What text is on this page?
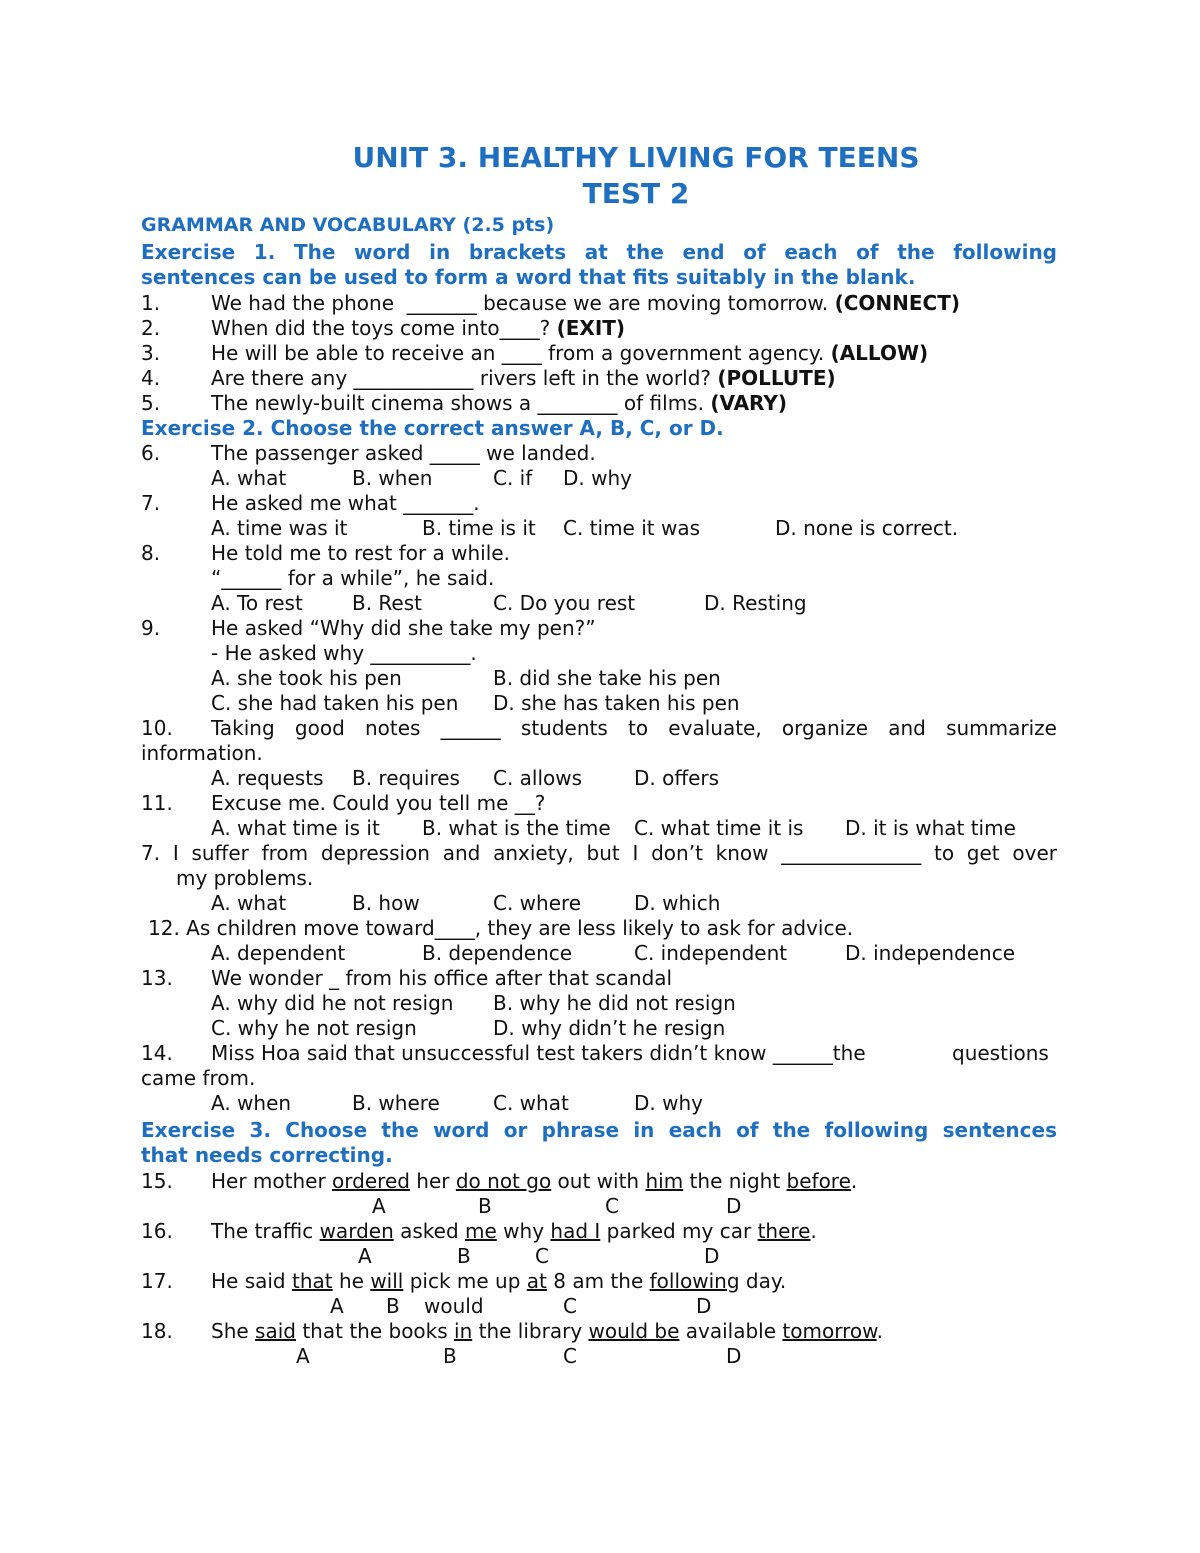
UNIT 3. HEALTHY LIVING FOR TEENS
TEST 2
GRAMMAR AND VOCABULARY (2.5 pts)
Exercise 1. The word in brackets at the end of each of the following
sentences can be used to form a word that fits suitably in the blank.
1.	We had the phone  _______ because we are moving tomorrow. (CONNECT)
2.	When did the toys come into____? (EXIT)
3.	He will be able to receive an ____ from a government agency. (ALLOW)
4.	Are there any ____________ rivers left in the world? (POLLUTE)
5.	The newly-built cinema shows a ________ of films. (VARY)
Exercise 2. Choose the correct answer A, B, C, or D.
6.	The passenger asked _____ we landed.
A. what	B. when	C. if D. why
7.	He asked me what _______.
A. time was it	B. time is it C. time it was	D. none is correct.
8.	He told me to rest for a while.
“______ for a while”, he said.
A. To rest B. Rest	C. Do you rest	D. Resting
9.	He asked “Why did she take my pen?”
- He asked why __________.
A. she took his pen	B. did she take his pen
C. she had taken his pen D. she has taken his pen
10. Taking good notes ______ students to evaluate, organize and summarize
information.
A. requests B. requires C. allows	D. offers
11. Excuse me. Could you tell me __?
A. what time is it B. what is the time C. what time it is D. it is what time
7. I suffer from depression and anxiety, but I don’t know ______________ to get over
my problems.
A. what	B. how	C. where	D. which
12. As children move toward____, they are less likely to ask for advice.
A. dependent	B. dependence	C. independent	D. independence
13. We wonder _ from his office after that scandal
A. why did he not resign B. why he did not resign
C. why he not resign	D. why didn’t he resign
14. Miss Hoa said that unsuccessful test takers didn’t know ______the	questions
came from.
A. when	B. where	C. what	D. why
Exercise 3. Choose the word or phrase in each of the following sentences
that needs correcting.
15. Her mother ordered her do not go out with him the night before.
A	B	C	D
16. The traffic warden asked me why had I parked my car there.
A	B	C	D
17. He said that he will pick me up at 8 am the following day.
A B would	C	D
18. She said that the books in the library would be available tomorrow.
A	B	C	D
